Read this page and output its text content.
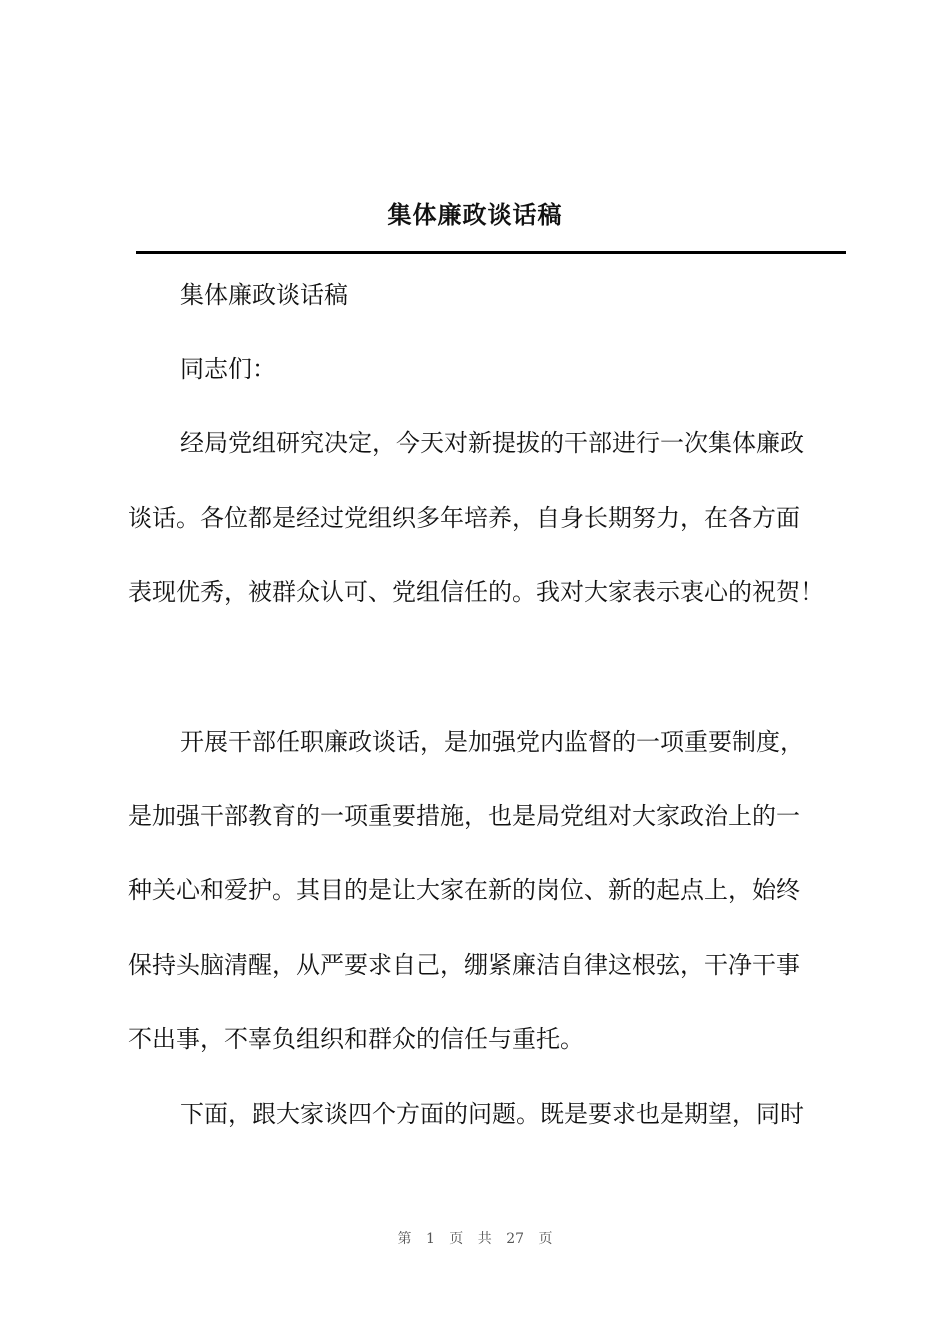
集体廉政谈话稿

集体廉政谈话稿

同志们：

经局党组研究决定，今天对新提拔的干部进行一次集体廉政

谈话。各位都是经过党组织多年培养，自身长期努力，在各方面

表现优秀，被群众认可、党组信任的。我对大家表示衷心的祝贺！

开展干部任职廉政谈话，是加强党内监督的一项重要制度，

是加强干部教育的一项重要措施，也是局党组对大家政治上的一

种关心和爱护。其目的是让大家在新的岗位、新的起点上，始终

保持头脑清醒，从严要求自己，绷紧廉洁自律这根弦，干净干事

不出事，不辜负组织和群众的信任与重托。

下面，跟大家谈四个方面的问题。既是要求也是期望，同时

第 1 页 共 27 页
